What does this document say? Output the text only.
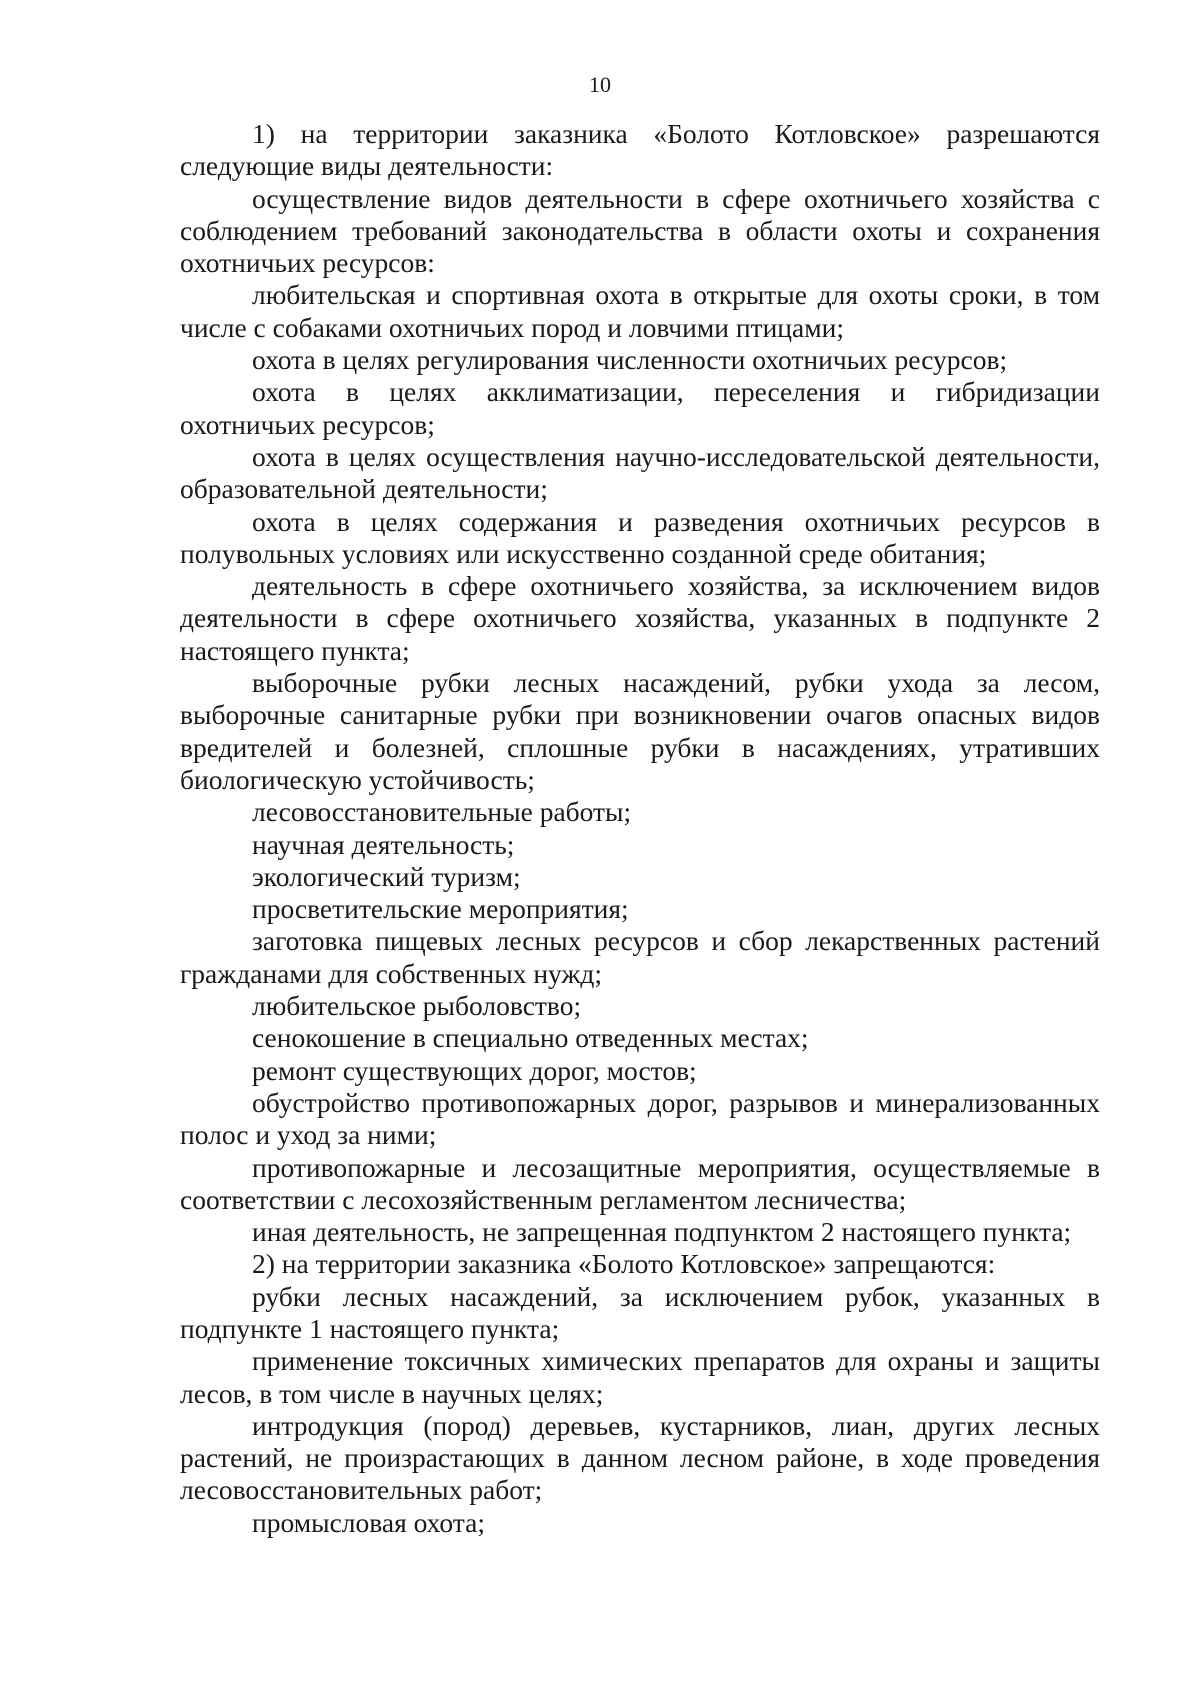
10

1) на территории заказника «Болото Котловское» разрешаются следующие виды деятельности:

осуществление видов деятельности в сфере охотничьего хозяйства с соблюдением требований законодательства в области охоты и сохранения охотничьих ресурсов:

любительская и спортивная охота в открытые для охоты сроки, в том числе с собаками охотничьих пород и ловчими птицами;

охота в целях регулирования численности охотничьих ресурсов;

охота в целях акклиматизации, переселения и гибридизации охотничьих ресурсов;

охота в целях осуществления научно-исследовательской деятельности, образовательной деятельности;

охота в целях содержания и разведения охотничьих ресурсов в полувольных условиях или искусственно созданной среде обитания;

деятельность в сфере охотничьего хозяйства, за исключением видов деятельности в сфере охотничьего хозяйства, указанных в подпункте 2 настоящего пункта;

выборочные рубки лесных насаждений, рубки ухода за лесом, выборочные санитарные рубки при возникновении очагов опасных видов вредителей и болезней, сплошные рубки в насаждениях, утративших биологическую устойчивость;

лесовосстановительные работы;

научная деятельность;

экологический туризм;

просветительские мероприятия;

заготовка пищевых лесных ресурсов и сбор лекарственных растений гражданами для собственных нужд;

любительское рыболовство;

сенокошение в специально отведенных местах;

ремонт существующих дорог, мостов;

обустройство противопожарных дорог, разрывов и минерализованных полос и уход за ними;

противопожарные и лесозащитные мероприятия, осуществляемые в соответствии с лесохозяйственным регламентом лесничества;

иная деятельность, не запрещенная подпунктом 2 настоящего пункта;

2) на территории заказника «Болото Котловское» запрещаются:

рубки лесных насаждений, за исключением рубок, указанных в подпункте 1 настоящего пункта;

применение токсичных химических препаратов для охраны и защиты лесов, в том числе в научных целях;

интродукция (пород) деревьев, кустарников, лиан, других лесных растений, не произрастающих в данном лесном районе, в ходе проведения лесовосстановительных работ;

промысловая охота;
